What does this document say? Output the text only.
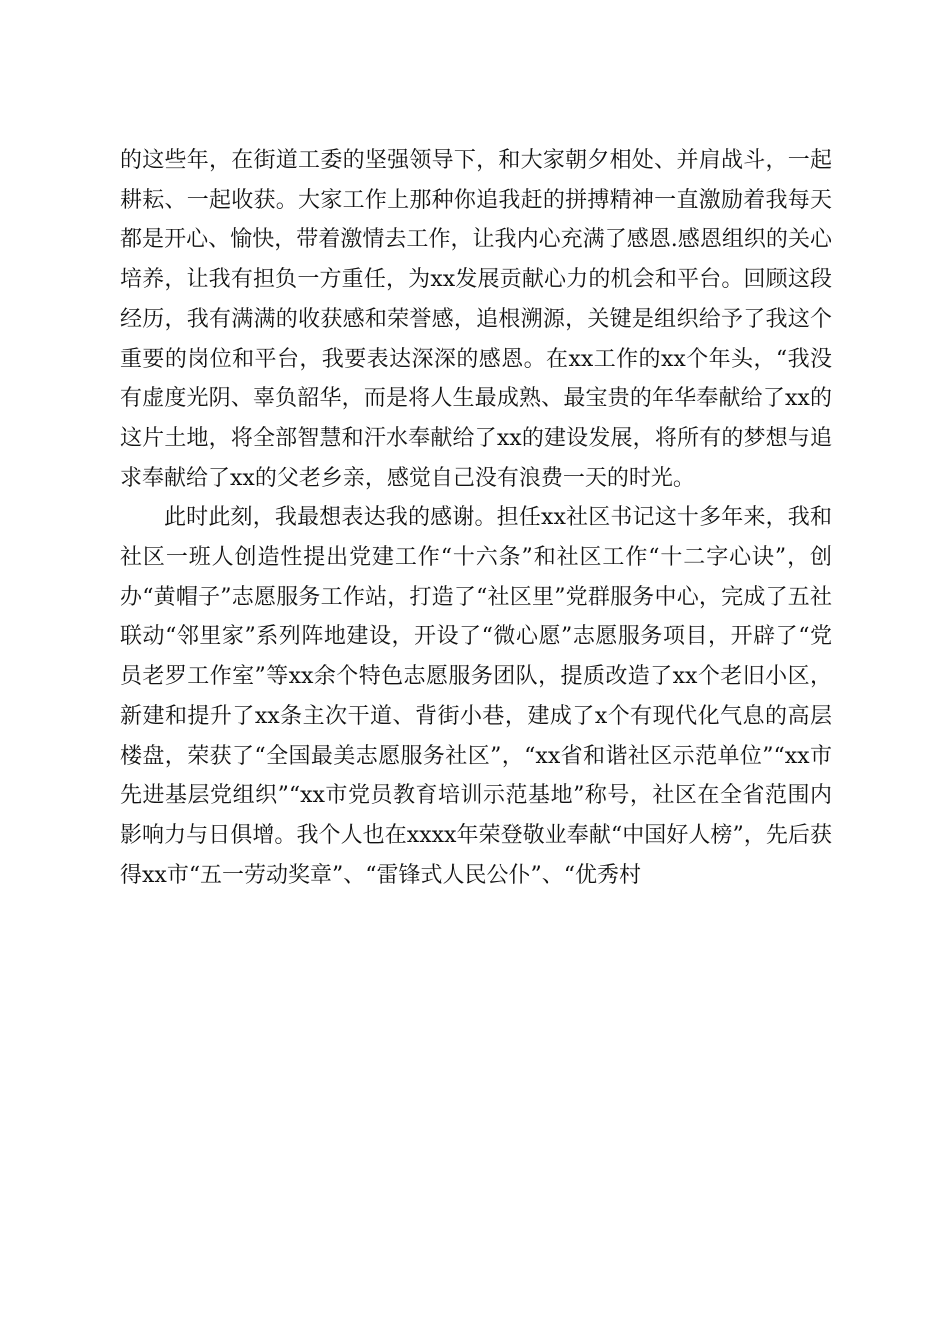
的这些年，在街道工委的坚强领导下，和大家朝夕相处、并肩战斗，一起耕耘、一起收获。大家工作上那种你追我赶的拼搏精神一直激励着我每天都是开心、愉快，带着激情去工作，让我内心充满了感恩.感恩组织的关心培养，让我有担负一方重任，为xx发展贡献心力的机会和平台。回顾这段经历，我有满满的收获感和荣誉感，追根溯源，关键是组织给予了我这个重要的岗位和平台，我要表达深深的感恩。在xx工作的xx个年头，“我没有虚度光阴、辜负韶华，而是将人生最成熟、最宝贵的年华奉献给了xx的这片土地，将全部智慧和汗水奉献给了xx的建设发展，将所有的梦想与追求奉献给了xx的父老乡亲，感觉自己没有浪费一天的时光。

此时此刻，我最想表达我的感谢。担任xx社区书记这十多年来，我和社区一班人创造性提出党建工作“十六条”和社区工作“十二字心诀”，创办“黄帽子”志愿服务工作站，打造了“社区里”党群服务中心，完成了五社联动“邻里家”系列阵地建设，开设了“微心愿”志愿服务项目，开辟了“党员老罗工作室”等xx余个特色志愿服务团队，提质改造了xx个老旧小区，新建和提升了xx条主次干道、背街小巷，建成了x个有现代化气息的高层楼盘，荣获了“全国最美志愿服务社区”，“xx省和谐社区示范单位”“xx市先进基层党组织”“xx市党员教育培训示范基地”称号，社区在全省范围内影响力与日俱增。我个人也在xxxx年荣登敬业奉献“中国好人榜”，先后获得xx市“五一劳动奖章”、“雷锋式人民公仆”、“优秀村
